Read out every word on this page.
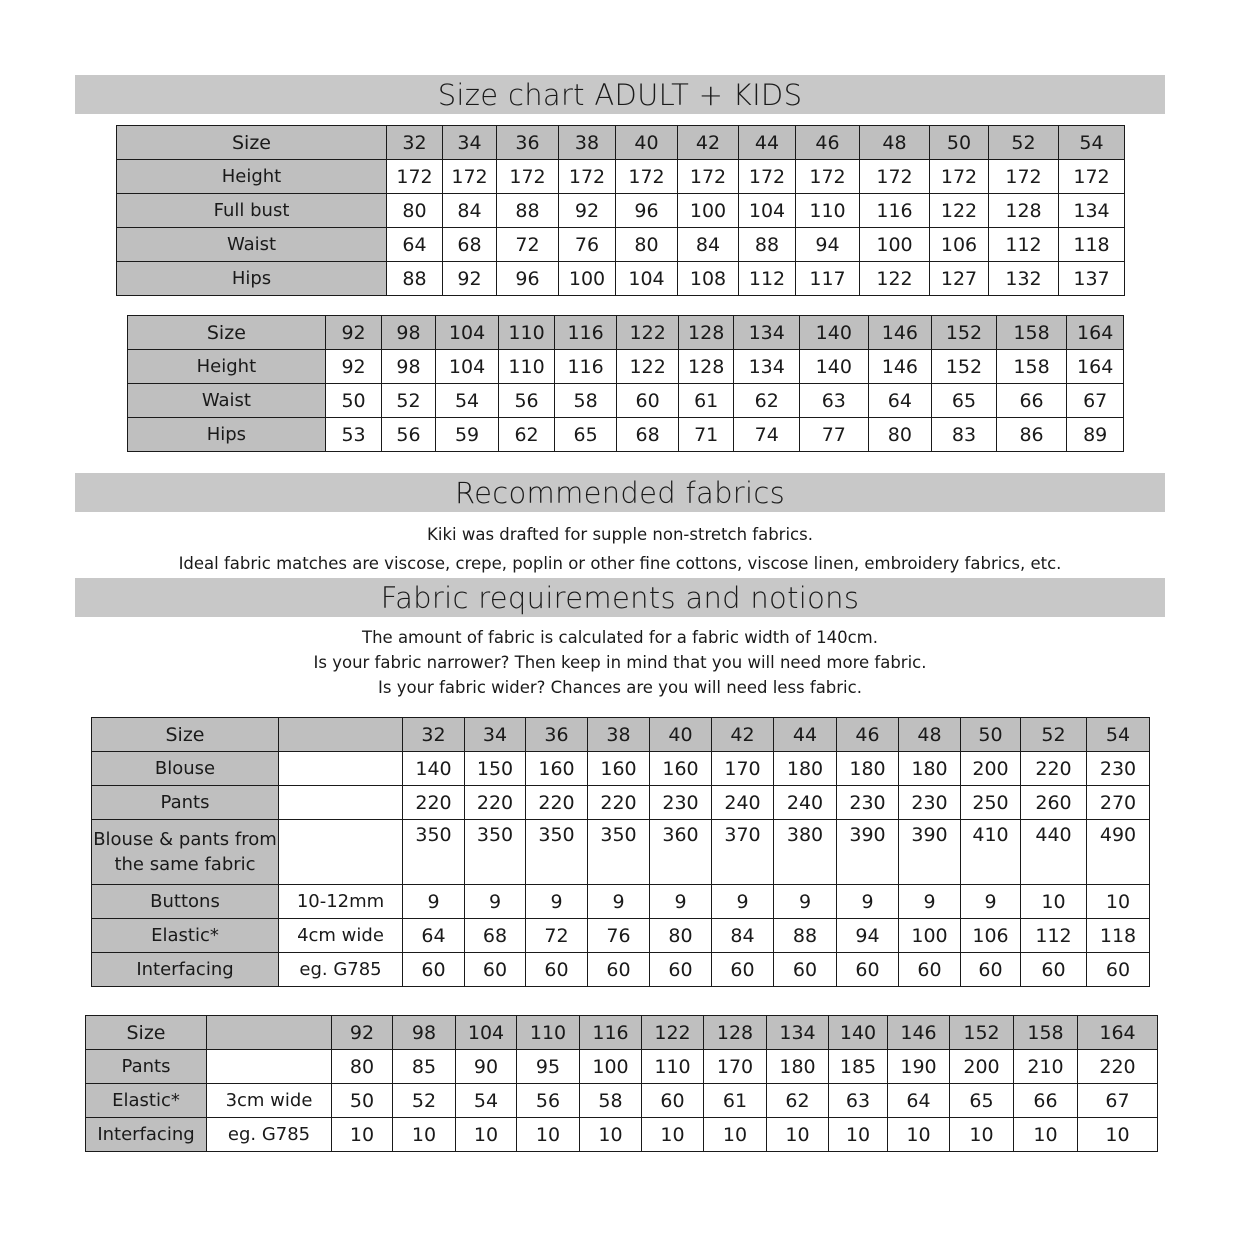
Size chart ADULT + KIDS
Size	32	34	36	38	40	42	44	46	48	50	52	54
Height	172	172	172	172	172	172	172	172	172	172	172	172
Full bust	80	84	88	92	96	100	104	110	116	122	128	134
Waist	64	68	72	76	80	84	88	94	100	106	112	118
Hips	88	92	96	100	104	108	112	117	122	127	132	137
Size	92	98	104	110	116	122	128	134	140	146	152	158	164
Height	92	98	104	110	116	122	128	134	140	146	152	158	164
Waist	50	52	54	56	58	60	61	62	63	64	65	66	67
Hips	53	56	59	62	65	68	71	74	77	80	83	86	89
Recommended fabrics
Kiki was drafted for supple non-stretch fabrics.
Ideal fabric matches are viscose, crepe, poplin or other fine cottons, viscose linen, embroidery fabrics, etc.
Fabric requirements and notions
The amount of fabric is calculated for a fabric width of 140cm.
Is your fabric narrower? Then keep in mind that you will need more fabric.
Is your fabric wider? Chances are you will need less fabric.
Size		32	34	36	38	40	42	44	46	48	50	52	54
Blouse		140	150	160	160	160	170	180	180	180	200	220	230
Pants		220	220	220	220	230	240	240	230	230	250	260	270
Blouse & pants from the same fabric		350	350	350	350	360	370	380	390	390	410	440	490
Buttons	10-12mm	9	9	9	9	9	9	9	9	9	9	10	10
Elastic*	4cm wide	64	68	72	76	80	84	88	94	100	106	112	118
Interfacing	eg. G785	60	60	60	60	60	60	60	60	60	60	60	60
Size		92	98	104	110	116	122	128	134	140	146	152	158	164
Pants		80	85	90	95	100	110	170	180	185	190	200	210	220
Elastic*	3cm wide	50	52	54	56	58	60	61	62	63	64	65	66	67
Interfacing	eg. G785	10	10	10	10	10	10	10	10	10	10	10	10	10
